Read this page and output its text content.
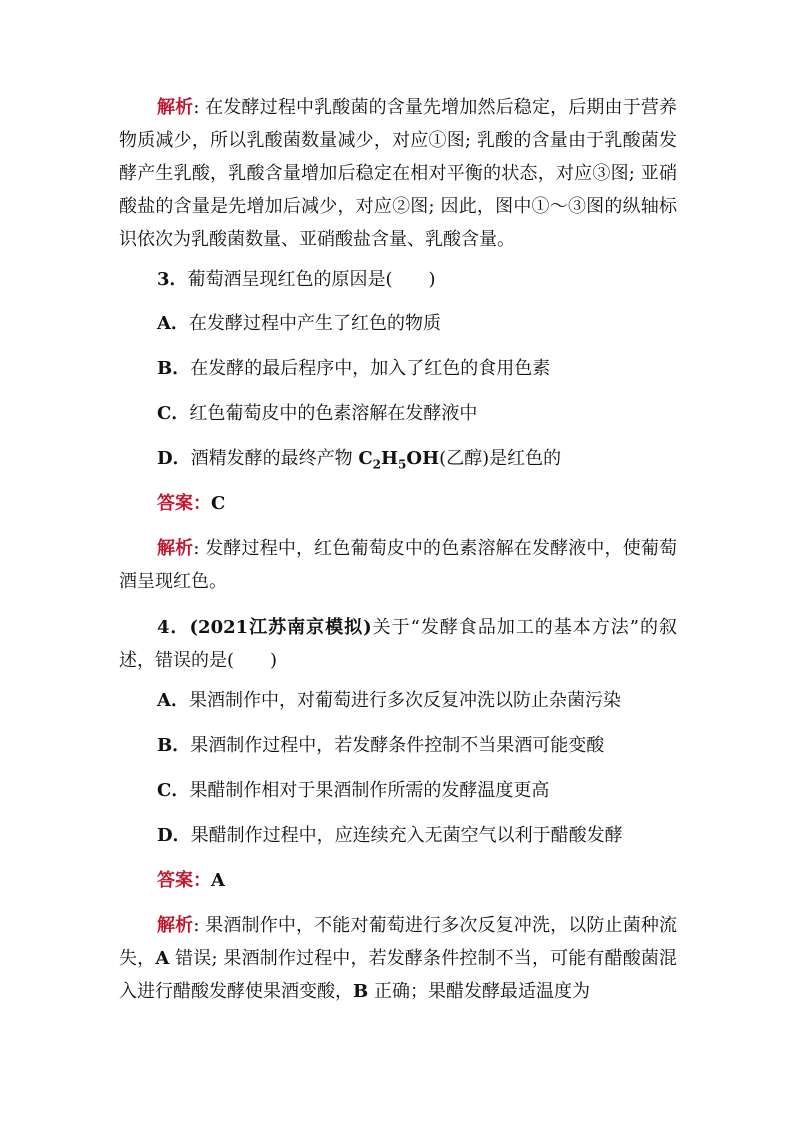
解析: 在发酵过程中乳酸菌的含量先增加然后稳定，后期由于营养物质减少，所以乳酸菌数量减少，对应①图; 乳酸的含量由于乳酸菌发酵产生乳酸，乳酸含量增加后稳定在相对平衡的状态，对应③图; 亚硝酸盐的含量是先增加后减少，对应②图; 因此，图中①～③图的纵轴标识依次为乳酸菌数量、亚硝酸盐含量、乳酸含量。

3．葡萄酒呈现红色的原因是(　　)

A．在发酵过程中产生了红色的物质

B．在发酵的最后程序中，加入了红色的食用色素

C．红色葡萄皮中的色素溶解在发酵液中

D．酒精发酵的最终产物 $C_2H_5OH$(乙醇)是红色的

答案：C

解析: 发酵过程中，红色葡萄皮中的色素溶解在发酵液中，使葡萄酒呈现红色。

4．(2021江苏南京模拟)关于“发酵食品加工的基本方法”的叙述，错误的是(　　)

A．果酒制作中，对葡萄进行多次反复冲洗以防止杂菌污染

B．果酒制作过程中，若发酵条件控制不当果酒可能变酸

C．果醋制作相对于果酒制作所需的发酵温度更高

D．果醋制作过程中，应连续充入无菌空气以利于醋酸发酵

答案：A

解析: 果酒制作中，不能对葡萄进行多次反复冲洗，以防止菌种流失，A 错误; 果酒制作过程中，若发酵条件控制不当，可能有醋酸菌混入进行醋酸发酵使果酒变酸，B 正确；果醋发酵最适温度为
